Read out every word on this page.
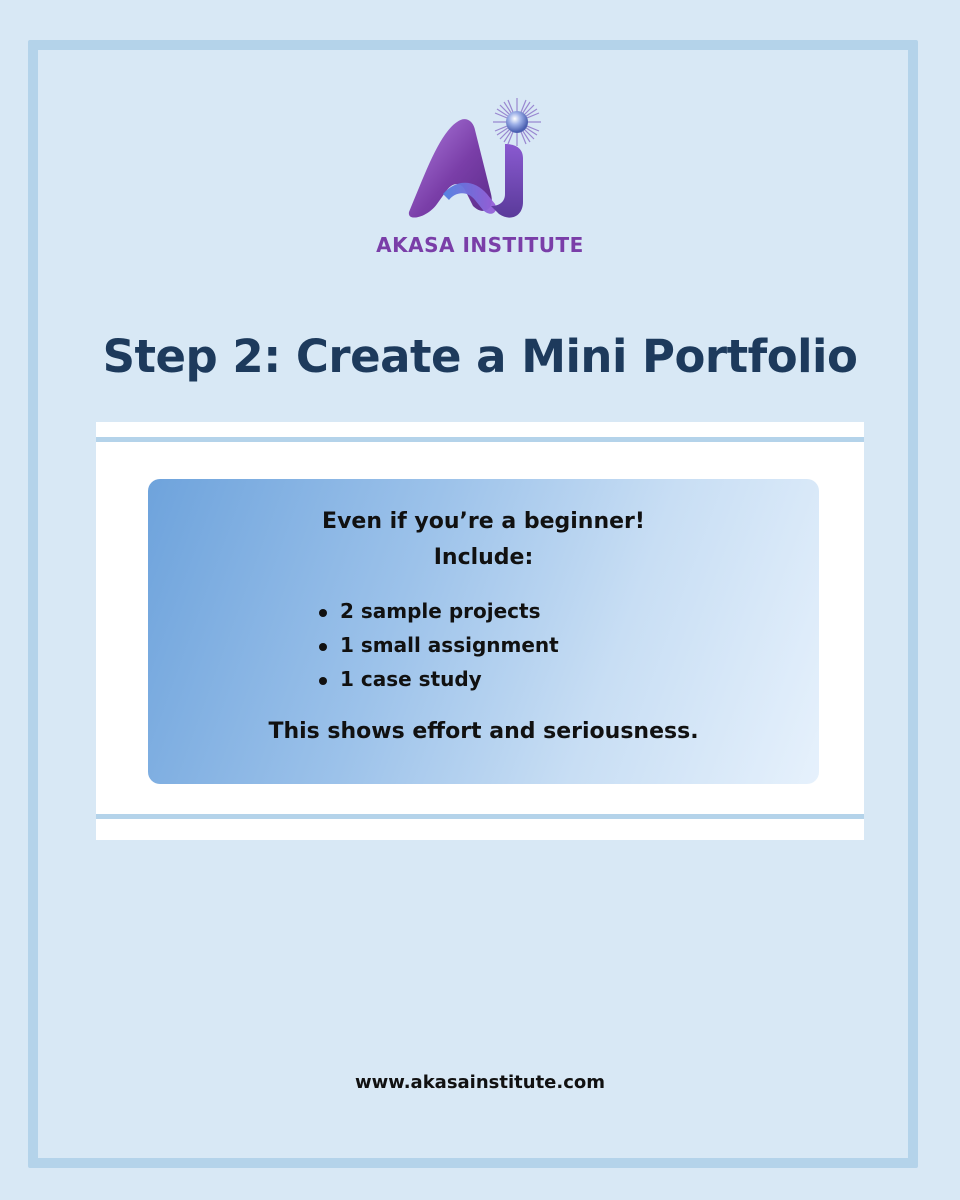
AKASA INSTITUTE
Step 2: Create a Mini Portfolio
Even if you’re a beginner!
Include:
2 sample projects
1 small assignment
1 case study
This shows effort and seriousness.
www.akasainstitute.com
